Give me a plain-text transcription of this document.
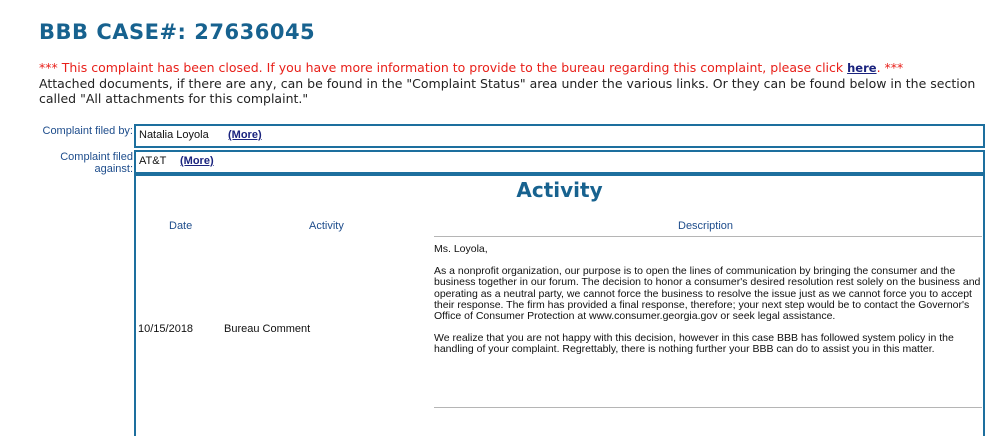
BBB CASE#: 27636045
*** This complaint has been closed. If you have more information to provide to the bureau regarding this complaint, please click here. ***
Attached documents, if there are any, can be found in the "Complaint Status" area under the various links. Or they can be found below in the section called "All attachments for this complaint."
Complaint filed by: Natalia Loyola (More)
Complaint filed against:
AT&T (More)
Activity
Date	Activity	Description
10/15/2018	Bureau Comment

Ms. Loyola,

As a nonprofit organization, our purpose is to open the lines of communication by bringing the consumer and the business together in our forum. The decision to honor a consumer's desired resolution rest solely on the business and operating as a neutral party, we cannot force the business to resolve the issue just as we cannot force you to accept their response. The firm has provided a final response, therefore; your next step would be to contact the Governor's Office of Consumer Protection at www.consumer.georgia.gov or seek legal assistance.

We realize that you are not happy with this decision, however in this case BBB has followed system policy in the handling of your complaint. Regrettably, there is nothing further your BBB can do to assist you in this matter.
